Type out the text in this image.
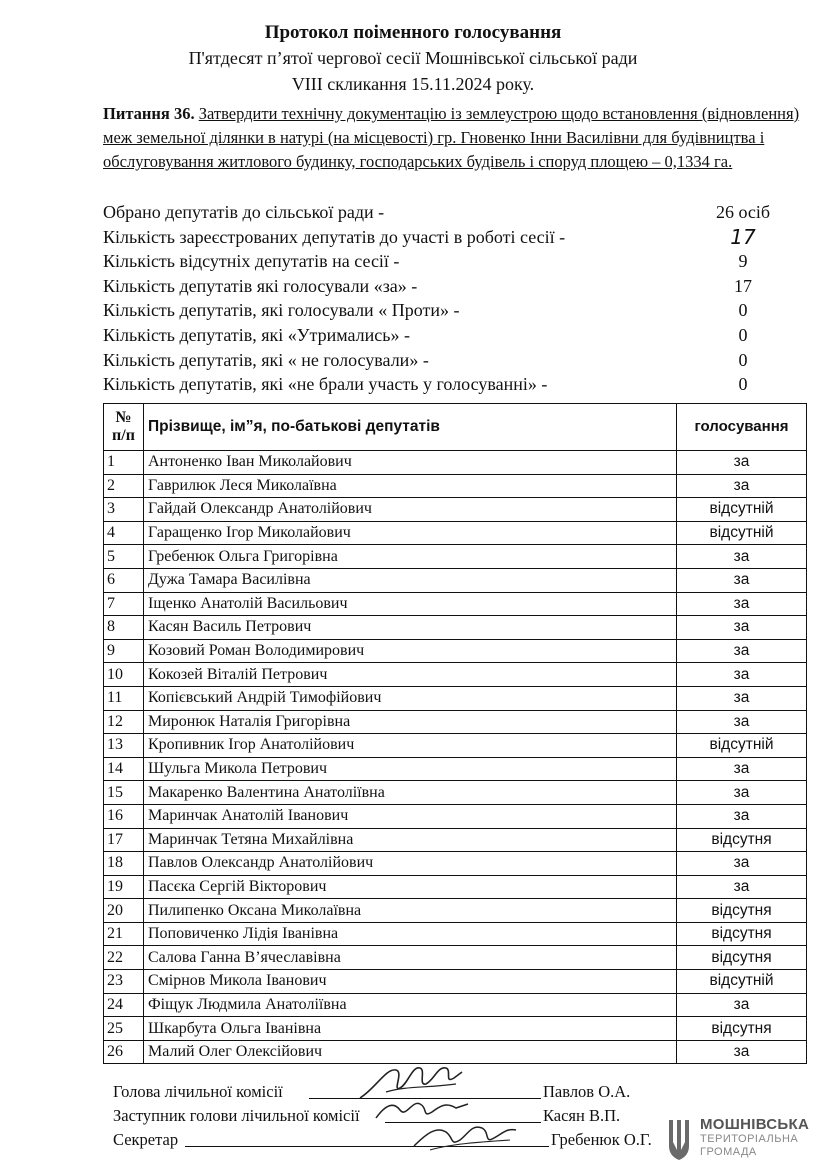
Протокол поіменного голосування
П'ятдесят п’ятої чергової сесії Мошнівської сільської ради
VIII скликання 15.11.2024 року.
Питання 36. Затвердити технічну документацію із землеустрою щодо встановлення (відновлення) меж земельної ділянки в натурі (на місцевості) гр. Гновенко Інни Василівни для будівництва і обслуговування житлового будинку, господарських будівель і споруд площею – 0,1334 га.
Обрано депутатів до сільської ради -	26 осіб
Кількість зареєстрованих депутатів до участі в роботі сесії -	17
Кількість відсутніх депутатів на сесії -	9
Кількість депутатів які голосували «за» -	17
Кількість депутатів, які голосували « Проти» -	0
Кількість депутатів, які «Утримались» -	0
Кількість депутатів, які « не голосували» -	0
Кількість депутатів, які «не брали участь у голосуванні» -	0
№
п/п	Прізвище, ім”я, по-батькові депутатів	голосування
1	Антоненко Іван Миколайович	за
2	Гаврилюк Леся Миколаївна	за
3	Гайдай Олександр Анатолійович	відсутній
4	Гаращенко Ігор Миколайович	відсутній
5	Гребенюк Ольга Григорівна	за
6	Дужа Тамара Василівна	за
7	Іщенко Анатолій Васильович	за
8	Касян Василь Петрович	за
9	Козовий Роман Володимирович	за
10	Кокозей Віталій Петрович	за
11	Копієвський Андрій Тимофійович	за
12	Миронюк Наталія Григорівна	за
13	Кропивник Ігор Анатолійович	відсутній
14	Шульга Микола Петрович	за
15	Макаренко Валентина Анатоліївна	за
16	Маринчак Анатолій Іванович	за
17	Маринчак Тетяна Михайлівна	відсутня
18	Павлов Олександр Анатолійович	за
19	Пасєка Сергій Вікторович	за
20	Пилипенко Оксана Миколаївна	відсутня
21	Поповиченко Лідія Іванівна	відсутня
22	Салова Ганна В’ячеславівна	відсутня
23	Смірнов Микола Іванович	відсутній
24	Фіщук Людмила Анатоліївна	за
25	Шкарбута Ольга Іванівна	відсутня
26	Малий Олег Олексійович	за
Голова лічильної комісії	Павлов О.А.
Заступник голови лічильної комісії	Касян В.П.
Секретар	Гребенюк О.Г.
МОШНІВСЬКА
ТЕРИТОРІАЛЬНА
ГРОМАДА
